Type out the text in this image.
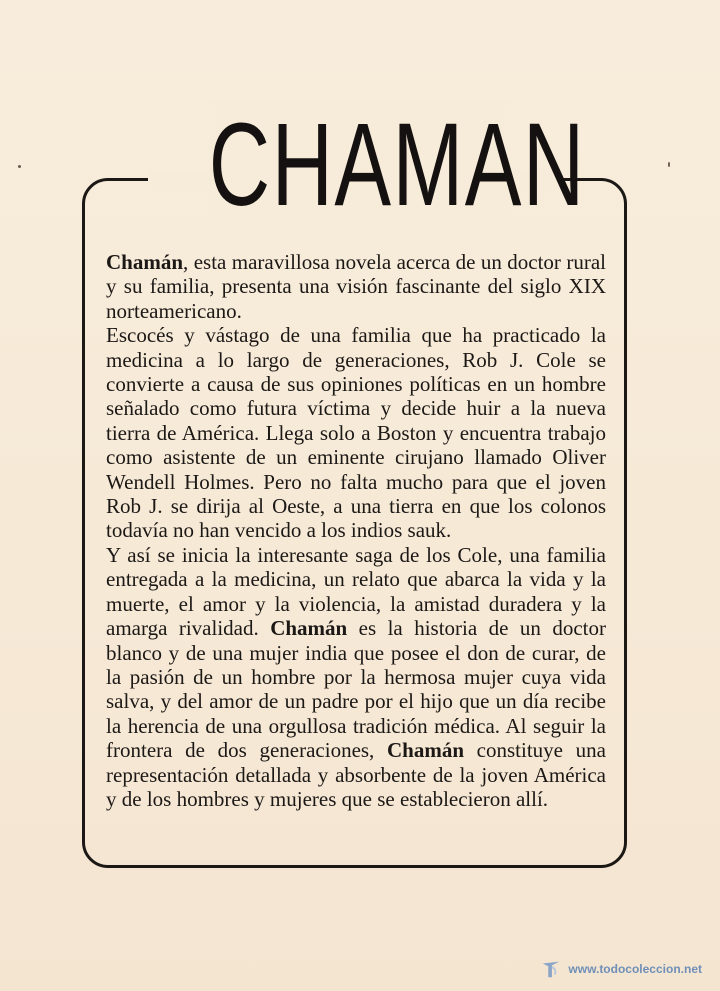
CHAMAN

Chamán, esta maravillosa novela acerca de un doctor rural y su familia, presenta una visión fascinante del siglo XIX norteamericano.

Escocés y vástago de una familia que ha practicado la medicina a lo largo de generaciones, Rob J. Cole se convierte a causa de sus opiniones políticas en un hombre señalado como futura víctima y decide huir a la nueva tierra de América. Llega solo a Boston y encuentra trabajo como asistente de un eminente cirujano llamado Oliver Wendell Holmes. Pero no falta mucho para que el joven Rob J. se dirija al Oeste, a una tierra en que los colonos todavía no han vencido a los indios sauk.

Y así se inicia la interesante saga de los Cole, una familia entregada a la medicina, un relato que abarca la vida y la muerte, el amor y la violencia, la amistad duradera y la amarga rivalidad. Chamán es la historia de un doctor blanco y de una mujer india que posee el don de curar, de la pasión de un hombre por la hermosa mujer cuya vida salva, y del amor de un padre por el hijo que un día recibe la herencia de una orgullosa tradición médica. Al seguir la frontera de dos generaciones, Chamán constituye una representación detallada y absorbente de la joven América y de los hombres y mujeres que se establecieron allí.

www.todocoleccion.net
